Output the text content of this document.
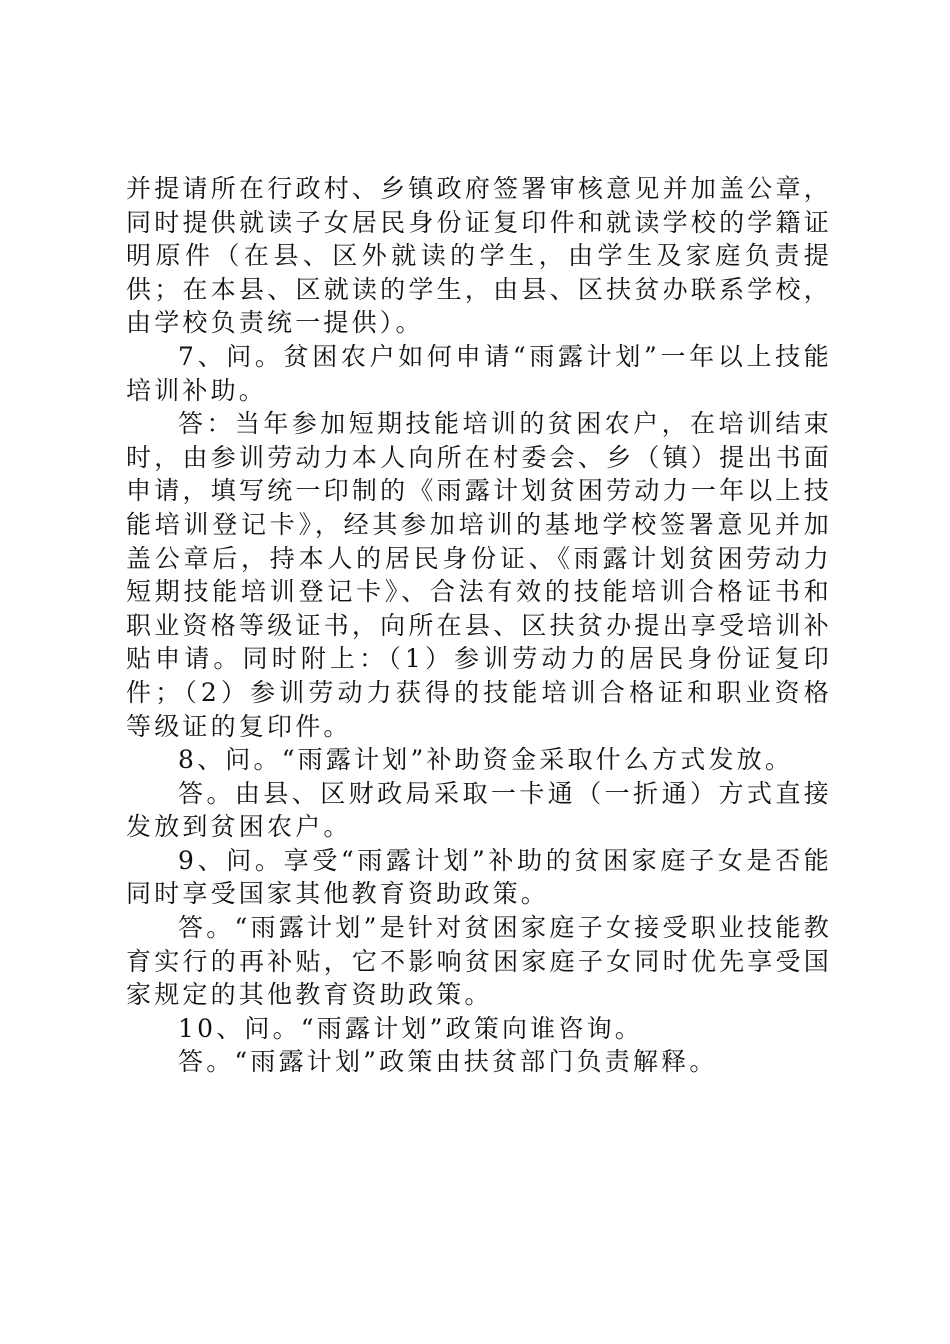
并提请所在行政村、乡镇政府签署审核意见并加盖公章，同时提供就读子女居民身份证复印件和就读学校的学籍证明原件（在县、区外就读的学生，由学生及家庭负责提供；在本县、区就读的学生，由县、区扶贫办联系学校，由学校负责统一提供）。

7、问。贫困农户如何申请“雨露计划”一年以上技能培训补助。

答：当年参加短期技能培训的贫困农户，在培训结束时，由参训劳动力本人向所在村委会、乡（镇）提出书面申请，填写统一印制的《雨露计划贫困劳动力一年以上技能培训登记卡》，经其参加培训的基地学校签署意见并加盖公章后，持本人的居民身份证、《雨露计划贫困劳动力短期技能培训登记卡》、合法有效的技能培训合格证书和职业资格等级证书，向所在县、区扶贫办提出享受培训补贴申请。同时附上：（1）参训劳动力的居民身份证复印件；（2）参训劳动力获得的技能培训合格证和职业资格等级证的复印件。

8、问。“雨露计划”补助资金采取什么方式发放。

答。由县、区财政局采取一卡通（一折通）方式直接发放到贫困农户。

9、问。享受“雨露计划”补助的贫困家庭子女是否能同时享受国家其他教育资助政策。

答。“雨露计划”是针对贫困家庭子女接受职业技能教育实行的再补贴，它不影响贫困家庭子女同时优先享受国家规定的其他教育资助政策。

10、问。“雨露计划”政策向谁咨询。

答。“雨露计划”政策由扶贫部门负责解释。
